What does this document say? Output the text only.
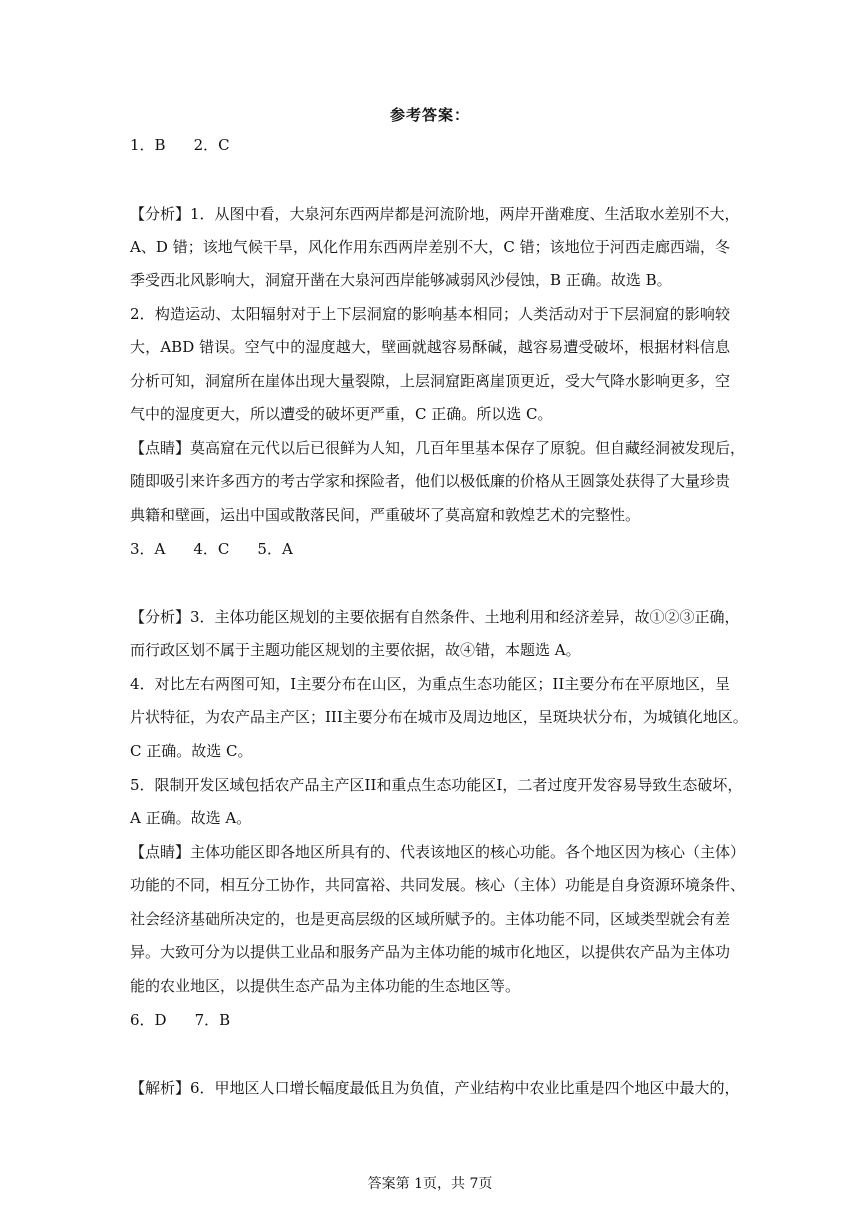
参考答案：
1．B 2．C
【分析】1．从图中看，大泉河东西两岸都是河流阶地，两岸开凿难度、生活取水差别不大，
A、D 错；该地气候干旱，风化作用东西两岸差别不大，C 错；该地位于河西走廊西端，冬
季受西北风影响大，洞窟开凿在大泉河西岸能够减弱风沙侵蚀，B 正确。故选 B。
2．构造运动、太阳辐射对于上下层洞窟的影响基本相同；人类活动对于下层洞窟的影响较
大，ABD 错误。空气中的湿度越大，壁画就越容易酥碱，越容易遭受破坏，根据材料信息
分析可知，洞窟所在崖体出现大量裂隙，上层洞窟距离崖顶更近，受大气降水影响更多，空
气中的湿度更大，所以遭受的破坏更严重，C 正确。所以选 C。
【点睛】莫高窟在元代以后已很鲜为人知，几百年里基本保存了原貌。但自藏经洞被发现后，
随即吸引来许多西方的考古学家和探险者，他们以极低廉的价格从王圆箓处获得了大量珍贵
典籍和壁画，运出中国或散落民间，严重破坏了莫高窟和敦煌艺术的完整性。
3．A 4．C 5．A
【分析】3．主体功能区规划的主要依据有自然条件、土地利用和经济差异，故①②③正确，
而行政区划不属于主题功能区规划的主要依据，故④错，本题选 A。
4．对比左右两图可知，I主要分布在山区，为重点生态功能区；II主要分布在平原地区，呈
片状特征，为农产品主产区；III主要分布在城市及周边地区，呈斑块状分布，为城镇化地区。
C 正确。故选 C。
5．限制开发区域包括农产品主产区II和重点生态功能区I，二者过度开发容易导致生态破坏，
A 正确。故选 A。
【点睛】主体功能区即各地区所具有的、代表该地区的核心功能。各个地区因为核心（主体）
功能的不同，相互分工协作，共同富裕、共同发展。核心（主体）功能是自身资源环境条件、
社会经济基础所决定的，也是更高层级的区域所赋予的。主体功能不同，区域类型就会有差
异。大致可分为以提供工业品和服务产品为主体功能的城市化地区，以提供农产品为主体功
能的农业地区，以提供生态产品为主体功能的生态地区等。
6．D 7．B
【解析】6．甲地区人口增长幅度最低且为负值，产业结构中农业比重是四个地区中最大的，
答案第 1页，共 7页
